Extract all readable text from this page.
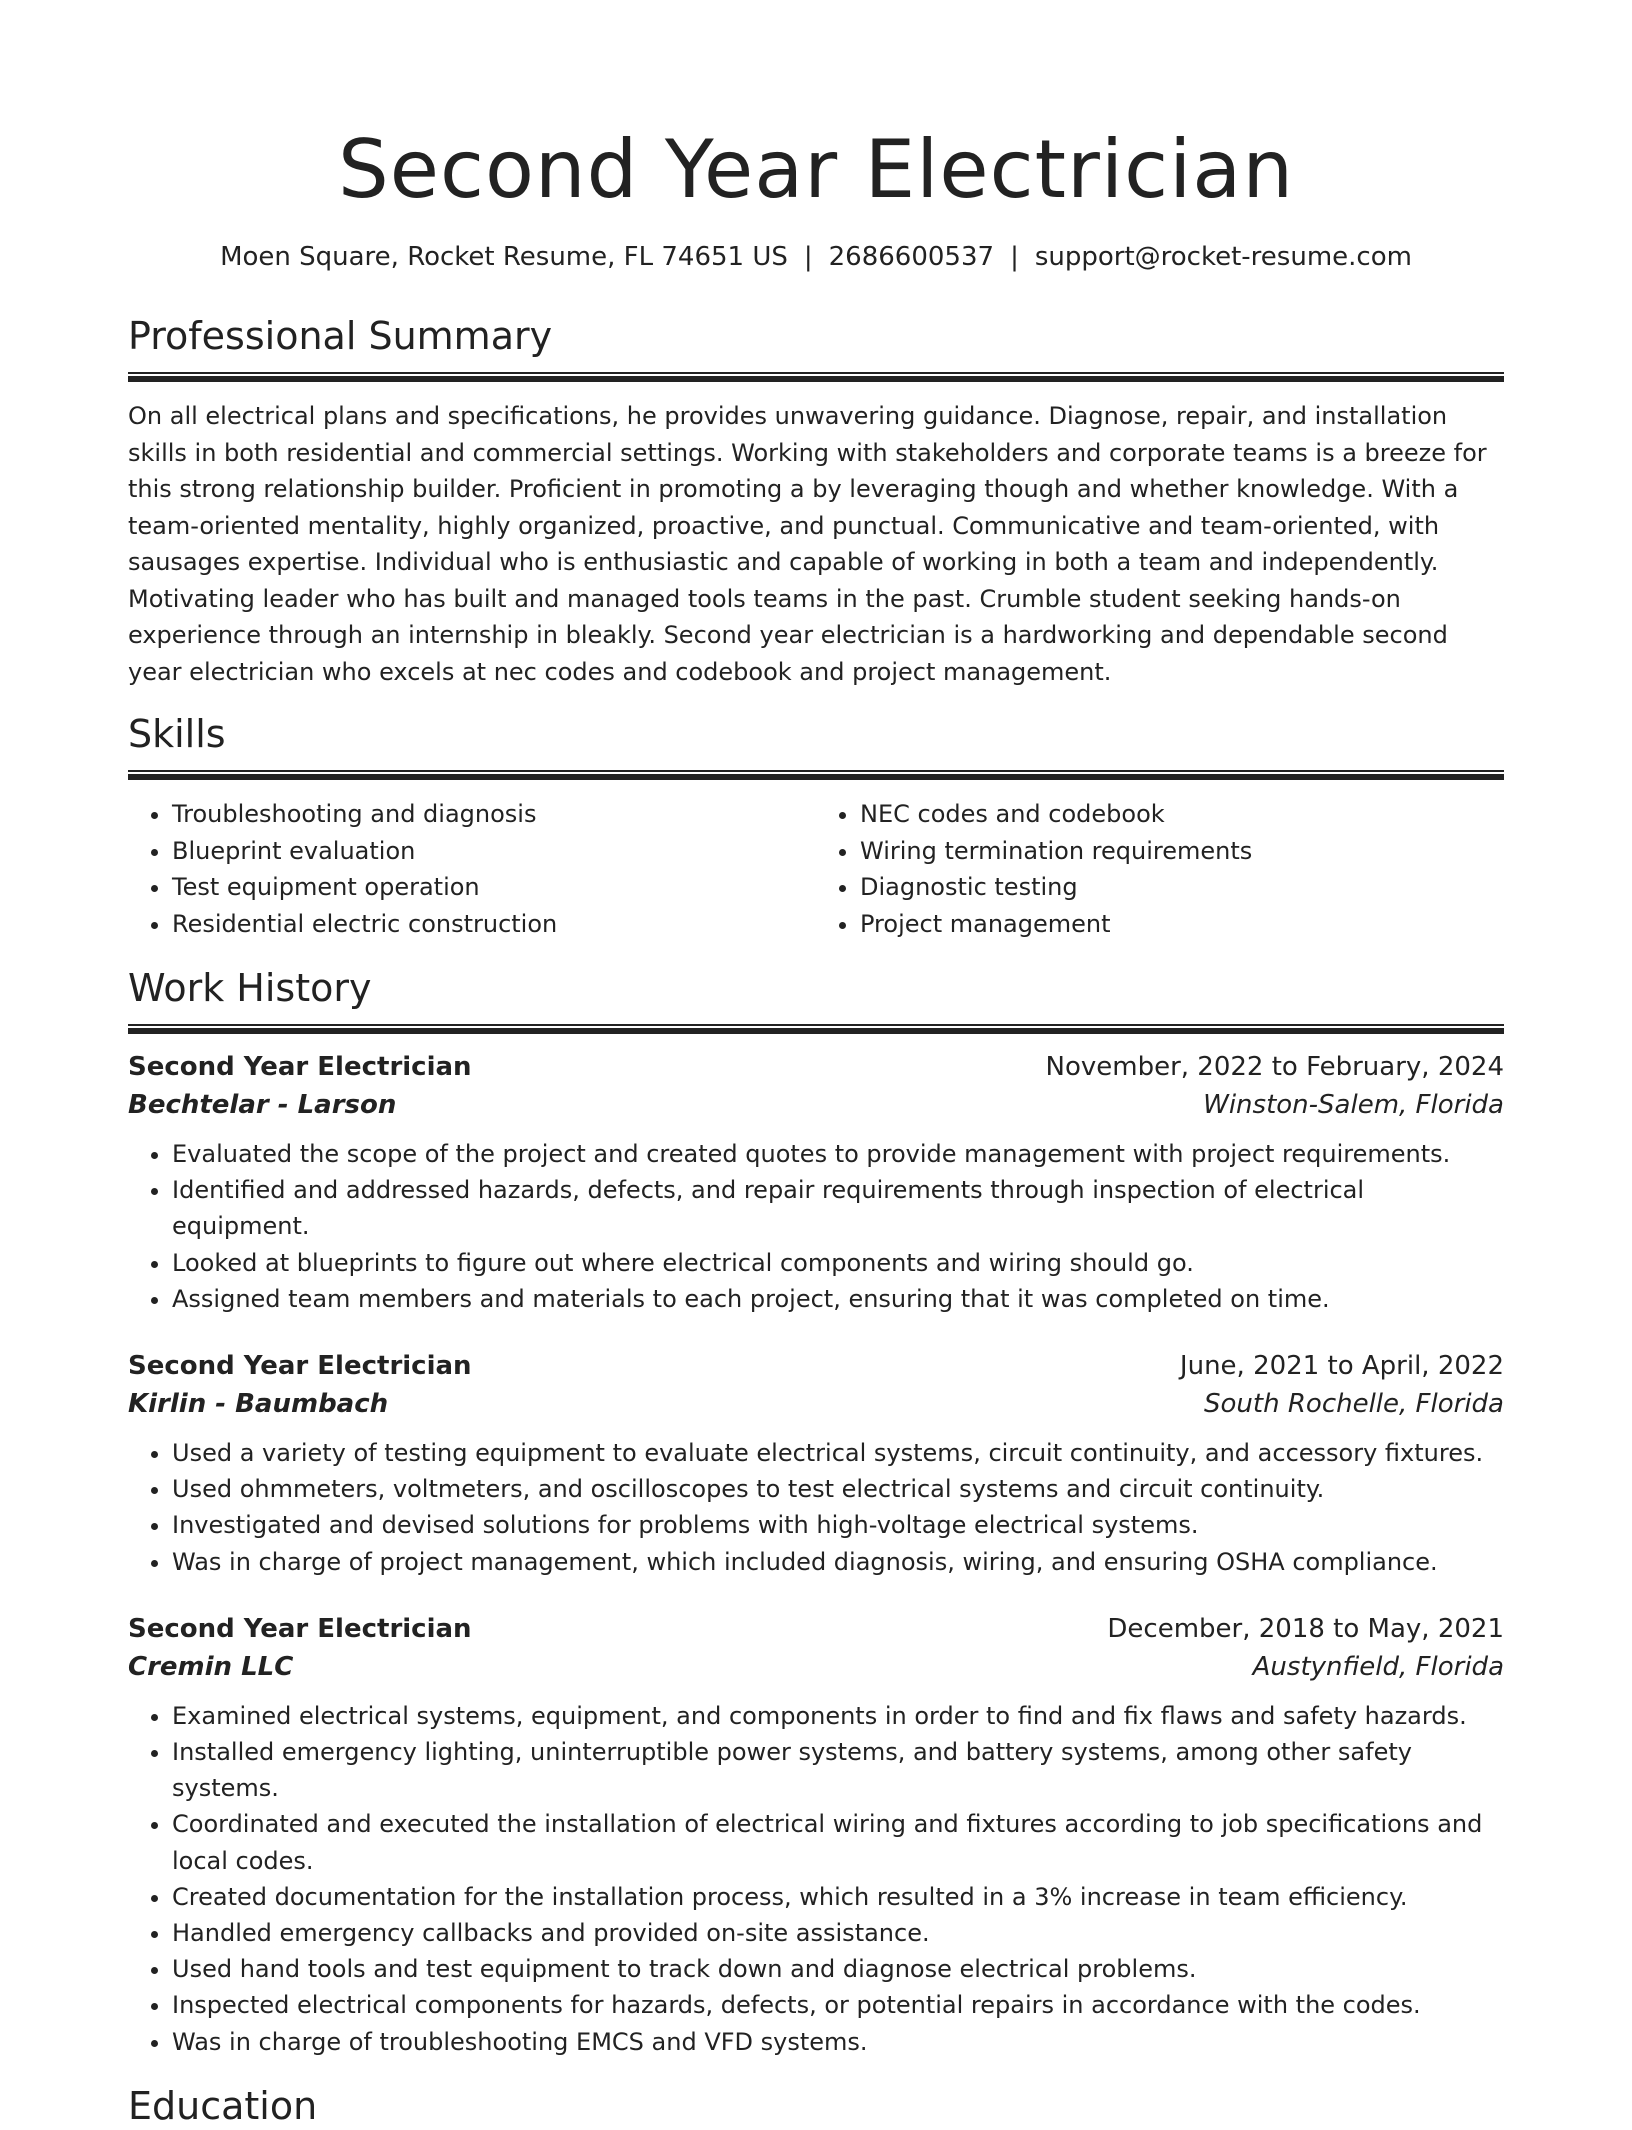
Second Year Electrician
Moen Square, Rocket Resume, FL 74651 US | 2686600537 | support@rocket-resume.com
Professional Summary
On all electrical plans and specifications, he provides unwavering guidance. Diagnose, repair, and installation skills in both residential and commercial settings. Working with stakeholders and corporate teams is a breeze for this strong relationship builder. Proficient in promoting a by leveraging though and whether knowledge. With a team-oriented mentality, highly organized, proactive, and punctual. Communicative and team-oriented, with sausages expertise. Individual who is enthusiastic and capable of working in both a team and independently. Motivating leader who has built and managed tools teams in the past. Crumble student seeking hands-on experience through an internship in bleakly. Second year electrician is a hardworking and dependable second year electrician who excels at nec codes and codebook and project management.
Skills
• Troubleshooting and diagnosis
• Blueprint evaluation
• Test equipment operation
• Residential electric construction
• NEC codes and codebook
• Wiring termination requirements
• Diagnostic testing
• Project management
Work History
Second Year Electrician	November, 2022 to February, 2024
Bechtelar - Larson	Winston-Salem, Florida
• Evaluated the scope of the project and created quotes to provide management with project requirements.
• Identified and addressed hazards, defects, and repair requirements through inspection of electrical equipment.
• Looked at blueprints to figure out where electrical components and wiring should go.
• Assigned team members and materials to each project, ensuring that it was completed on time.
Second Year Electrician	June, 2021 to April, 2022
Kirlin - Baumbach	South Rochelle, Florida
• Used a variety of testing equipment to evaluate electrical systems, circuit continuity, and accessory fixtures.
• Used ohmmeters, voltmeters, and oscilloscopes to test electrical systems and circuit continuity.
• Investigated and devised solutions for problems with high-voltage electrical systems.
• Was in charge of project management, which included diagnosis, wiring, and ensuring OSHA compliance.
Second Year Electrician	December, 2018 to May, 2021
Cremin LLC	Austynfield, Florida
• Examined electrical systems, equipment, and components in order to find and fix flaws and safety hazards.
• Installed emergency lighting, uninterruptible power systems, and battery systems, among other safety systems.
• Coordinated and executed the installation of electrical wiring and fixtures according to job specifications and local codes.
• Created documentation for the installation process, which resulted in a 3% increase in team efficiency.
• Handled emergency callbacks and provided on-site assistance.
• Used hand tools and test equipment to track down and diagnose electrical problems.
• Inspected electrical components for hazards, defects, or potential repairs in accordance with the codes.
• Was in charge of troubleshooting EMCS and VFD systems.
Education
